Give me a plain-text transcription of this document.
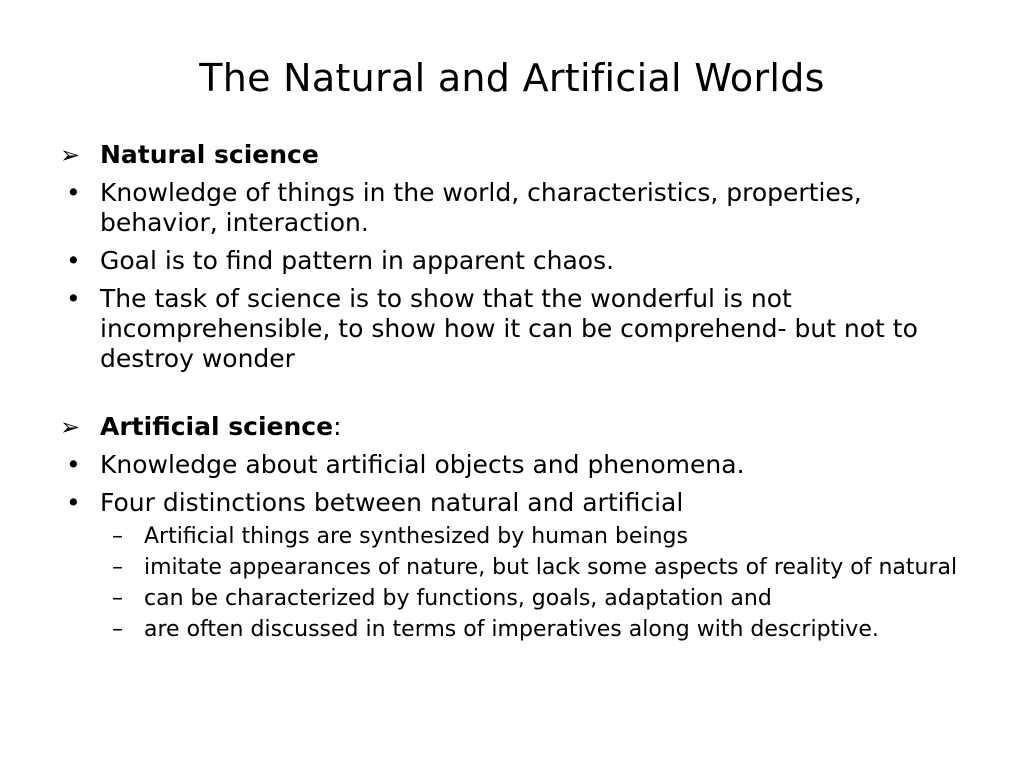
The Natural and Artificial Worlds
➢ Natural science
• Knowledge of things in the world, characteristics, properties, behavior, interaction.
• Goal is to find pattern in apparent chaos.
• The task of science is to show that the wonderful is not incomprehensible, to show how it can be comprehend- but not to destroy wonder
➢ Artificial science:
• Knowledge about artificial objects and phenomena.
• Four distinctions between natural and artificial
– Artificial things are synthesized by human beings
– imitate appearances of nature, but lack some aspects of reality of natural
– can be characterized by functions, goals, adaptation and
– are often discussed in terms of imperatives along with descriptive.
